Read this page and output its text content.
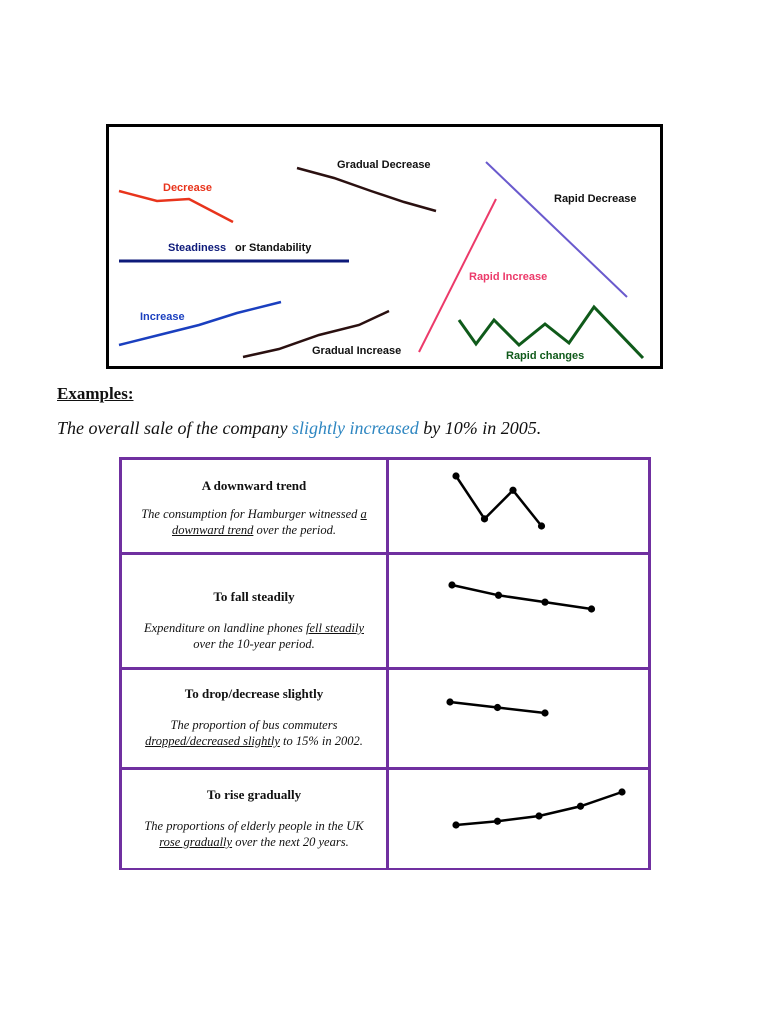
Decrease
Gradual Decrease
Rapid Decrease
Steadiness or Standability
Rapid Increase
Increase
Gradual Increase	Rapid changes

Examples:

The overall sale of the company slightly increased by 10% in 2005.

A downward trend

The consumption for Hamburger witnessed a
downward trend over the period.

To fall steadily

Expenditure on landline phones fell steadily
over the 10-year period.

To drop/decrease slightly

The proportion of bus commuters
dropped/decreased slightly to 15% in 2002.

To rise gradually

The proportions of elderly people in the UK
rose gradually over the next 20 years.
